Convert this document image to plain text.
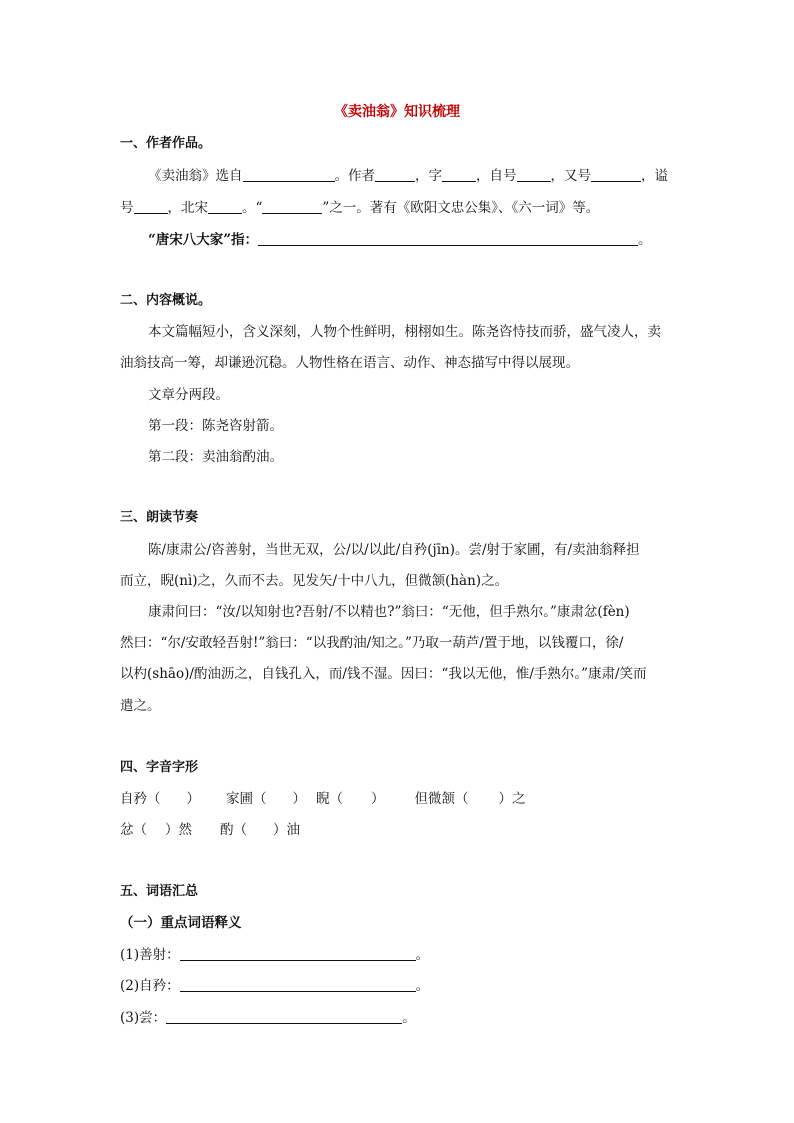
《卖油翁》知识梳理
一、作者作品。
《卖油翁》选自	。作者	，字	，自号	，又号	，谥
号	，北宋	。“	”之一。著有《欧阳文忠公集》、《六一词》等。
“唐宋八大家”指：	。
二、内容概说。
本文篇幅短小，含义深刻，人物个性鲜明，栩栩如生。陈尧咨恃技而骄，盛气凌人，卖
油翁技高一筹，却谦逊沉稳。人物性格在语言、动作、神态描写中得以展现。
文章分两段。
第一段：陈尧咨射箭。
第二段：卖油翁酌油。
三、朗读节奏
陈/康肃公/咨善射，当世无双，公/以/以此/自矜(jīn)。尝/射于家圃，有/卖油翁释担
而立，睨(nì)之，久而不去。见发矢/十中八九，但微颔(hàn)之。
康肃问曰：“汝/以知射也?吾射/不以精也?”翁曰：“无他，但手熟尔。”康肃忿(fèn)
然曰：“尔/安敢轻吾射!”翁曰：“以我酌油/知之。”乃取一葫芦/置于地，以钱覆口，徐/
以杓(shāo)/酌油沥之，自钱孔入，而/钱不湿。因曰：“我以无他，惟/手熟尔。”康肃/笑而
遣之。
四、字音字形
自矜（ ） 家圃（ ） 睨（ ） 但微颔（ ）之
忿（ ）然 酌（ ）油
五、词语汇总
（一）重点词语释义
(1)善射：	。
(2)自矜：	。
(3)尝：	。
